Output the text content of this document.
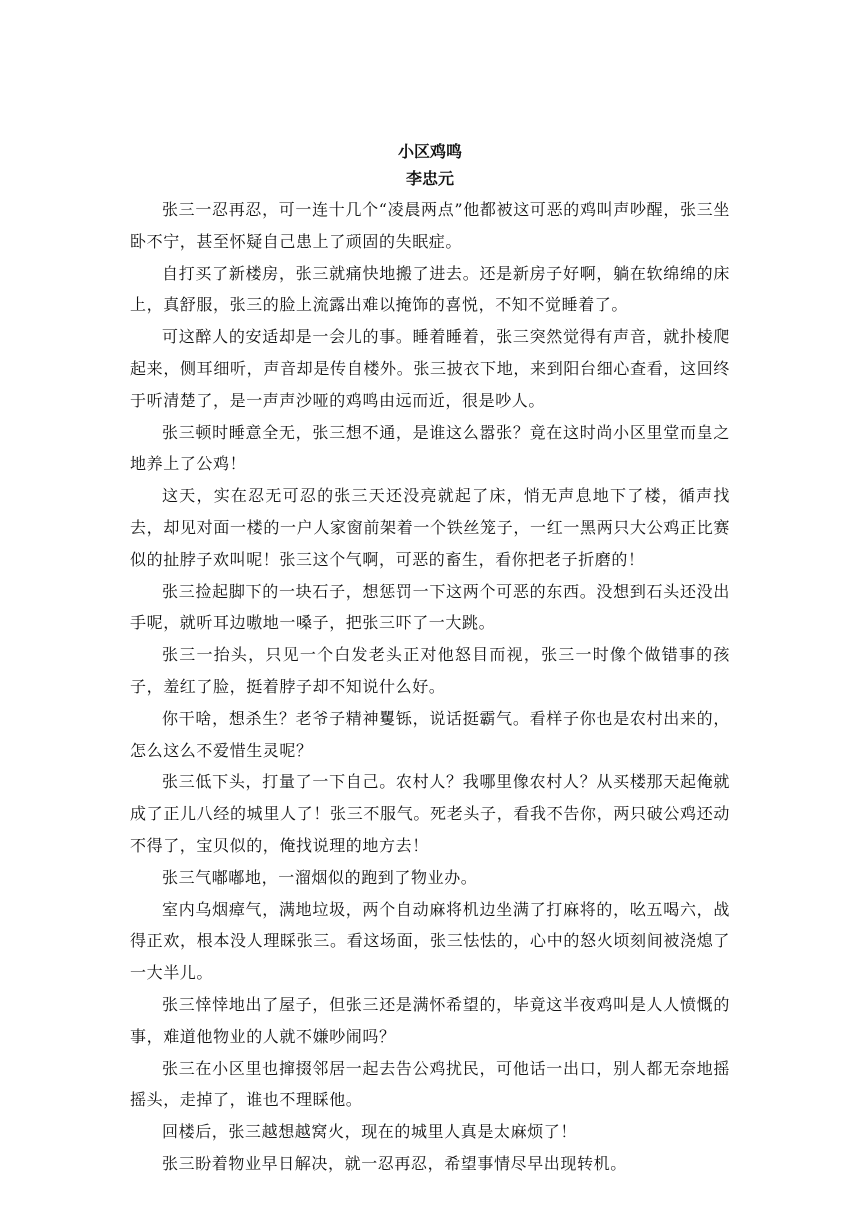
小区鸡鸣

李忠元

张三一忍再忍，可一连十几个“凌晨两点”他都被这可恶的鸡叫声吵醒，张三坐卧不宁，甚至怀疑自己患上了顽固的失眠症。

自打买了新楼房，张三就痛快地搬了进去。还是新房子好啊，躺在软绵绵的床上，真舒服，张三的脸上流露出难以掩饰的喜悦，不知不觉睡着了。

可这醉人的安适却是一会儿的事。睡着睡着，张三突然觉得有声音，就扑棱爬起来，侧耳细听，声音却是传自楼外。张三披衣下地，来到阳台细心查看，这回终于听清楚了，是一声声沙哑的鸡鸣由远而近，很是吵人。

张三顿时睡意全无，张三想不通，是谁这么嚣张？竟在这时尚小区里堂而皇之地养上了公鸡！

这天，实在忍无可忍的张三天还没亮就起了床，悄无声息地下了楼，循声找去，却见对面一楼的一户人家窗前架着一个铁丝笼子，一红一黑两只大公鸡正比赛似的扯脖子欢叫呢！张三这个气啊，可恶的畜生，看你把老子折磨的！

张三捡起脚下的一块石子，想惩罚一下这两个可恶的东西。没想到石头还没出手呢，就听耳边嗷地一嗓子，把张三吓了一大跳。

张三一抬头，只见一个白发老头正对他怒目而视，张三一时像个做错事的孩子，羞红了脸，挺着脖子却不知说什么好。

你干啥，想杀生？老爷子精神矍铄，说话挺霸气。看样子你也是农村出来的，怎么这么不爱惜生灵呢？

张三低下头，打量了一下自己。农村人？我哪里像农村人？从买楼那天起俺就成了正儿八经的城里人了！张三不服气。死老头子，看我不告你，两只破公鸡还动不得了，宝贝似的，俺找说理的地方去！

张三气嘟嘟地，一溜烟似的跑到了物业办。

室内乌烟瘴气，满地垃圾，两个自动麻将机边坐满了打麻将的，吆五喝六，战得正欢，根本没人理睬张三。看这场面，张三怯怯的，心中的怒火顷刻间被浇熄了一大半儿。

张三悻悻地出了屋子，但张三还是满怀希望的，毕竟这半夜鸡叫是人人愤慨的事，难道他物业的人就不嫌吵闹吗？

张三在小区里也撺掇邻居一起去告公鸡扰民，可他话一出口，别人都无奈地摇摇头，走掉了，谁也不理睬他。

回楼后，张三越想越窝火，现在的城里人真是太麻烦了！

张三盼着物业早日解决，就一忍再忍，希望事情尽早出现转机。
